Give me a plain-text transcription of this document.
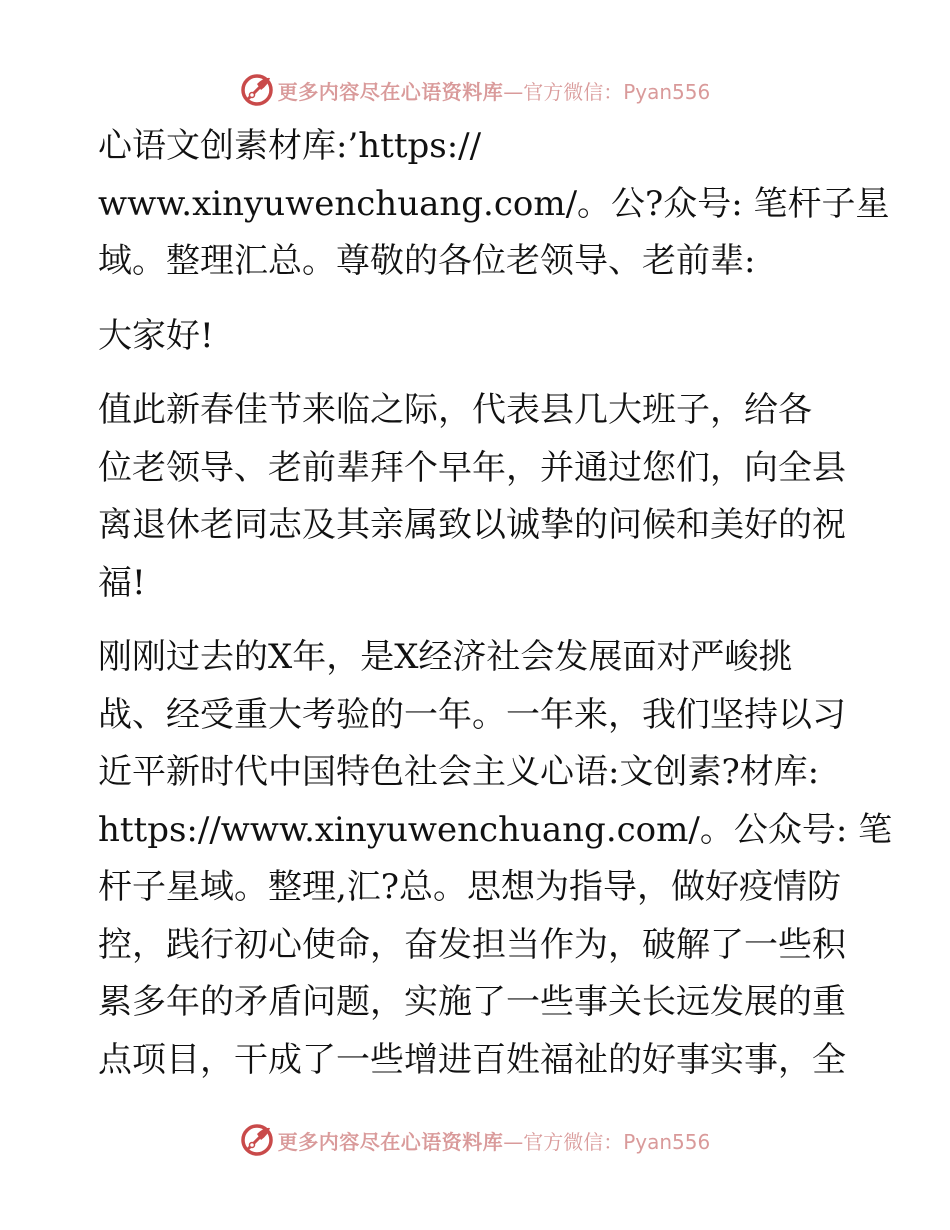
更多内容尽在心语资料库 —官方微信：Pyan556
心语文创素材库:’https://
www.xinyuwenchuang.com/。公?众号: 笔杆子星
域。整理汇总。尊敬的各位老领导、老前辈:
大家好!
值此新春佳节来临之际，代表县几大班子，给各
位老领导、老前辈拜个早年，并通过您们，向全县
离退休老同志及其亲属致以诚挚的问候和美好的祝
福!
刚刚过去的X年，是X经济社会发展面对严峻挑
战、经受重大考验的一年。一年来，我们坚持以习
近平新时代中国特色社会主义心语:文创素?材库:
https://www.xinyuwenchuang.com/。公众号: 笔
杆子星域。整理,汇?总。思想为指导，做好疫情防
控，践行初心使命，奋发担当作为，破解了一些积
累多年的矛盾问题，实施了一些事关长远发展的重
点项目，干成了一些增进百姓福祉的好事实事，全
更多内容尽在心语资料库 —官方微信：Pyan556
